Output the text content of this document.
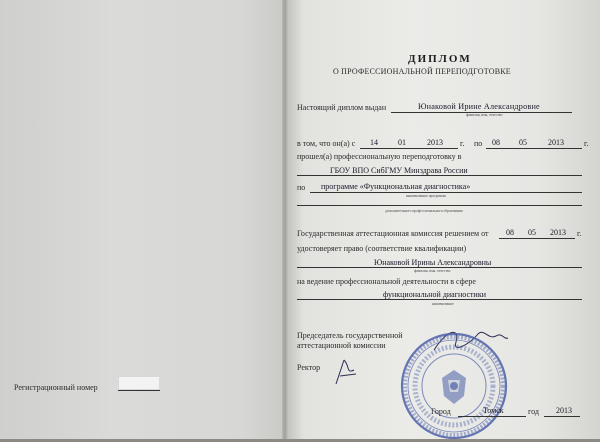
Регистрационный номер
ДИПЛОМ
О ПРОФЕССИОНАЛЬНОЙ ПЕРЕПОДГОТОВКЕ
Настоящий диплом выдан	Юнаковой Ирине Александровне
фамилия, имя, отчество
в том, что он(а) с 14	01	2013 г. по 08 05	2013	г.
прошел(а) профессиональную переподготовку в
ГБОУ ВПО СибГМУ Минздрава России
по программе «Функциональная диагностика»
наименование программы
дополнительного профессионального образования
Государственная аттестационная комиссия решением от 08 05 2013 г.
удостоверяет право (соответствие квалификации)
Юнаковой Ирины Александровны
фамилия, имя, отчество
на ведение профессиональной деятельности в сфере
функциональной диагностики
наименование
Председатель государственной аттестационной комиссии
Ректор
Город	Томск	год 2013
